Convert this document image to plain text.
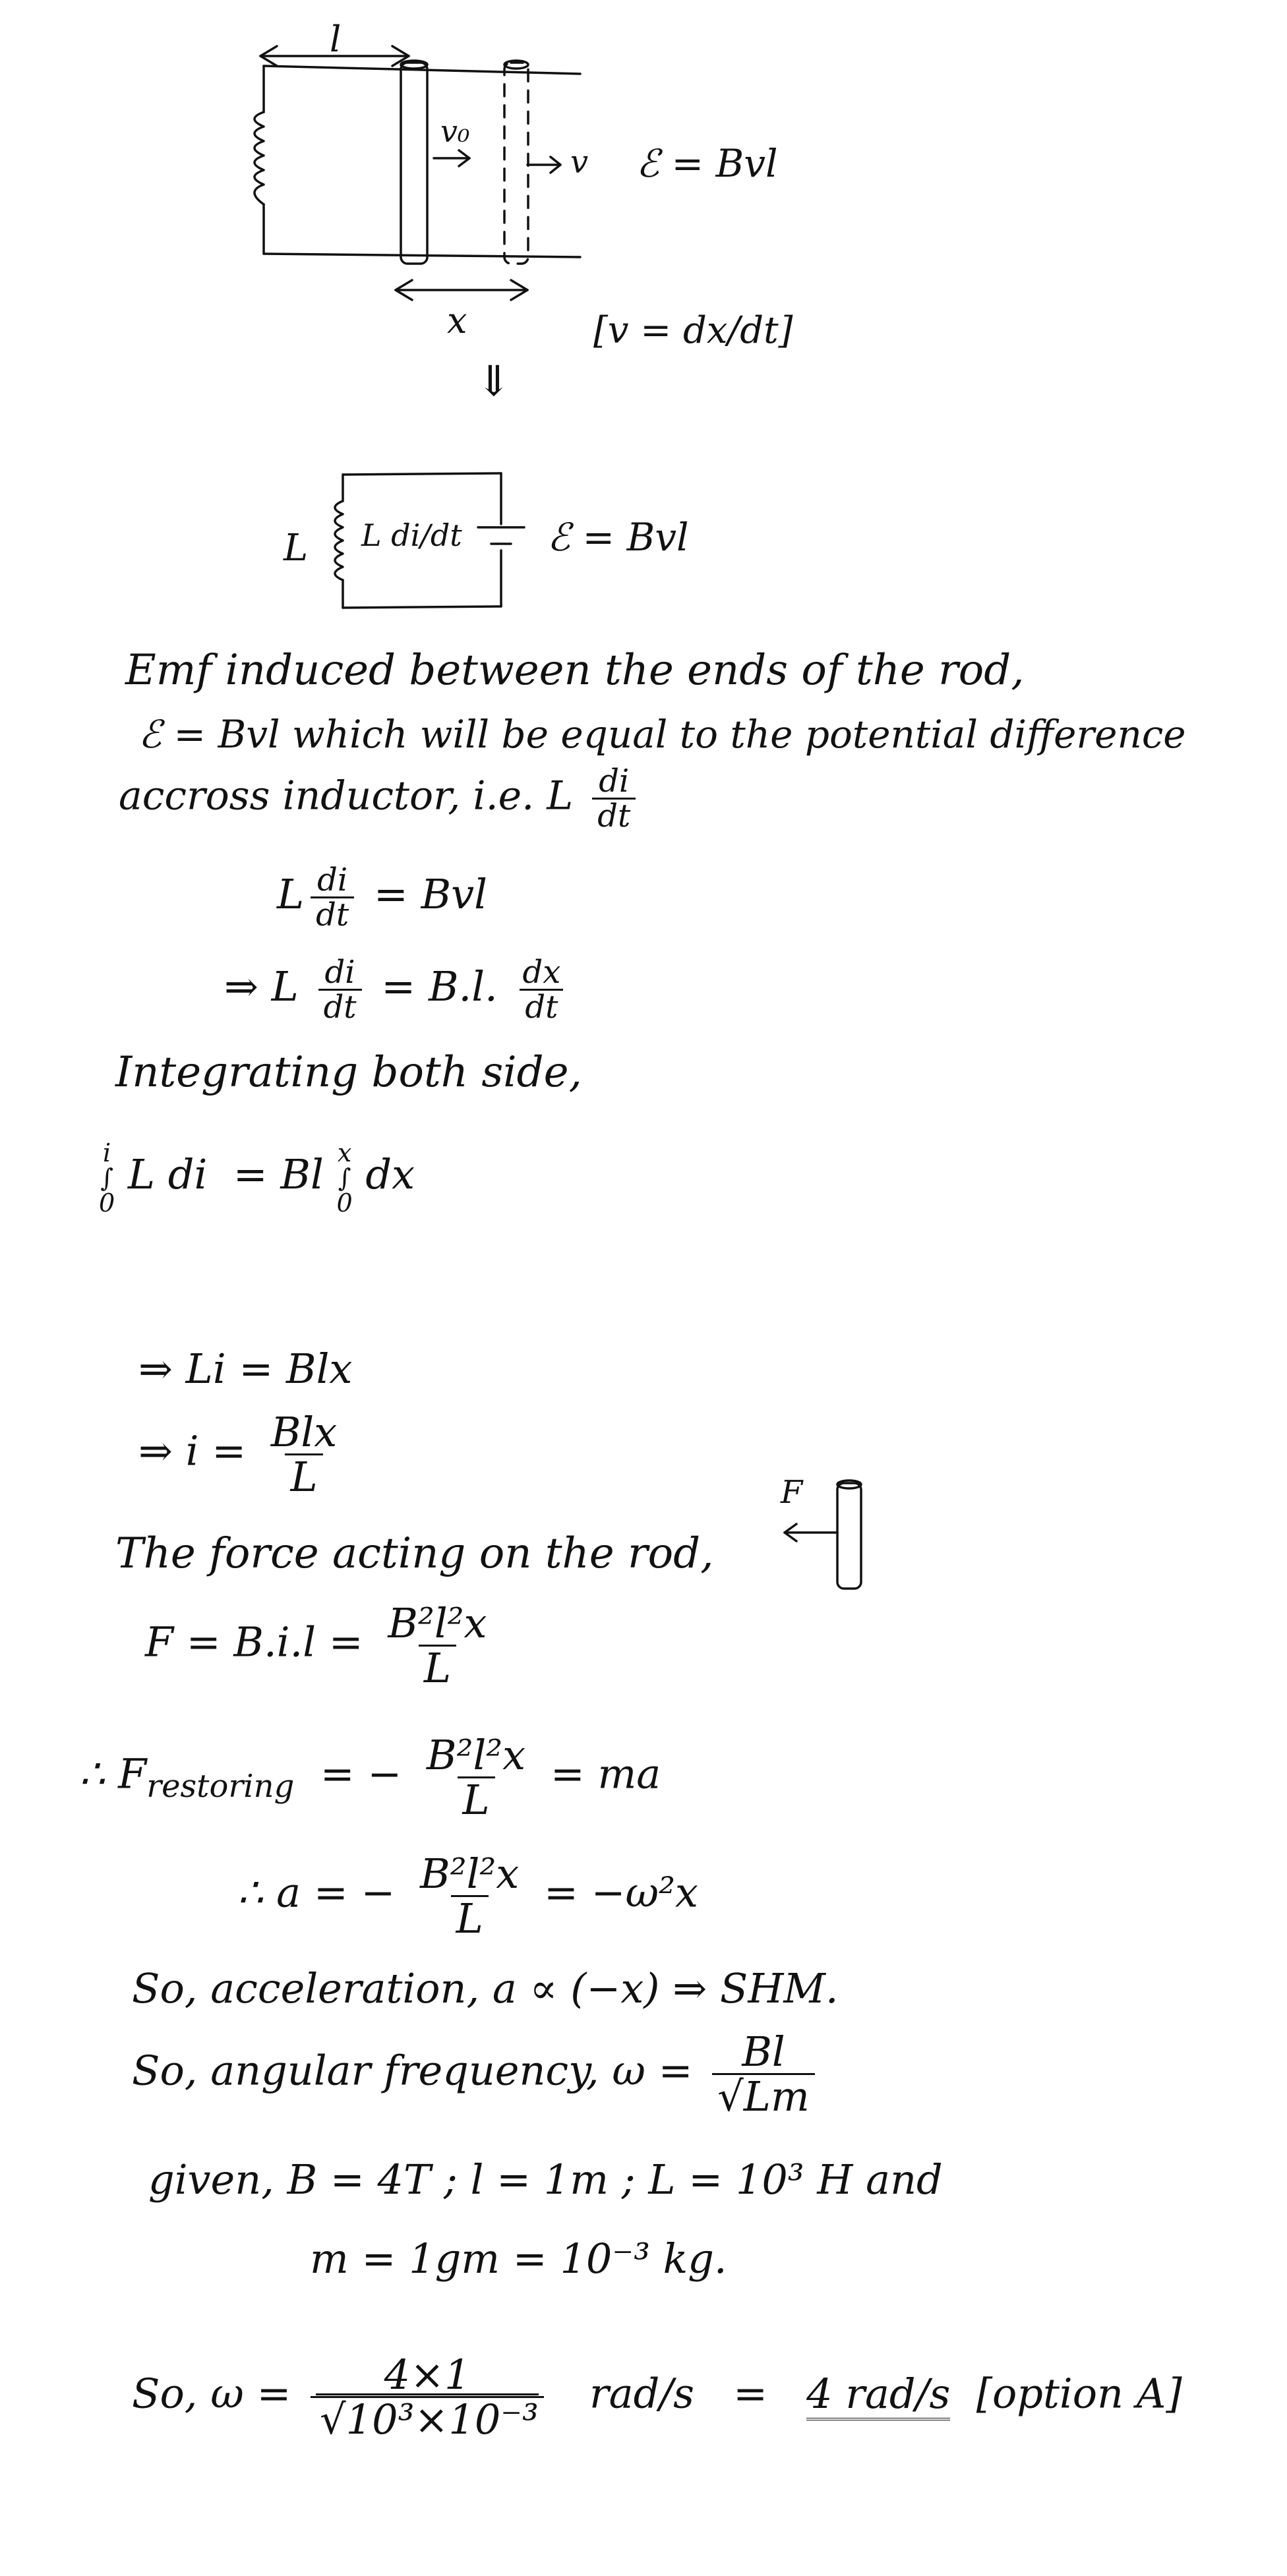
l
v₀
v ℰ = Bvl
x	[v = dx/dt]
⇓
L L di/dt ℰ = Bvl
Emf induced between the ends of the rod,
ℰ = Bvl which will be equal to the potential difference
accross inductor, i.e. L $\frac{di}{dt}$
L $\frac{di}{dt}$ = Bvl
⇒ L $\frac{di}{dt} = B.l$. $\frac{dx}{dt}$
Integrating both side,
i
∫
0
L di = Bl x
∫
0
dx
⇒ Li = Blx
⇒ $i = \frac{\text{Blx}}{L}$
The force acting on the rod,
F
$F = B.i.l = \frac{\text{B²l²x}}{L}$
∴ $F_{restoring}$ = − $\frac{\text{B²l²x}}{L}$ = ma
∴ a = − $\frac{\text{B²l²x}}{L} = -\omega^2x$
So, acceleration, a ∝ (−x) ⇒ SHM.
So, angular frequency, $\omega = \frac{Bl}{√Lm}$
given, B = 4T ; l = 1m ; L = 10³ H and
m = 1gm = 10⁻³ kg.
So, $\omega = \frac{4\times 1}{\text{√10³×10⁻³}} rad/s = 4$ rad/s [option A]
